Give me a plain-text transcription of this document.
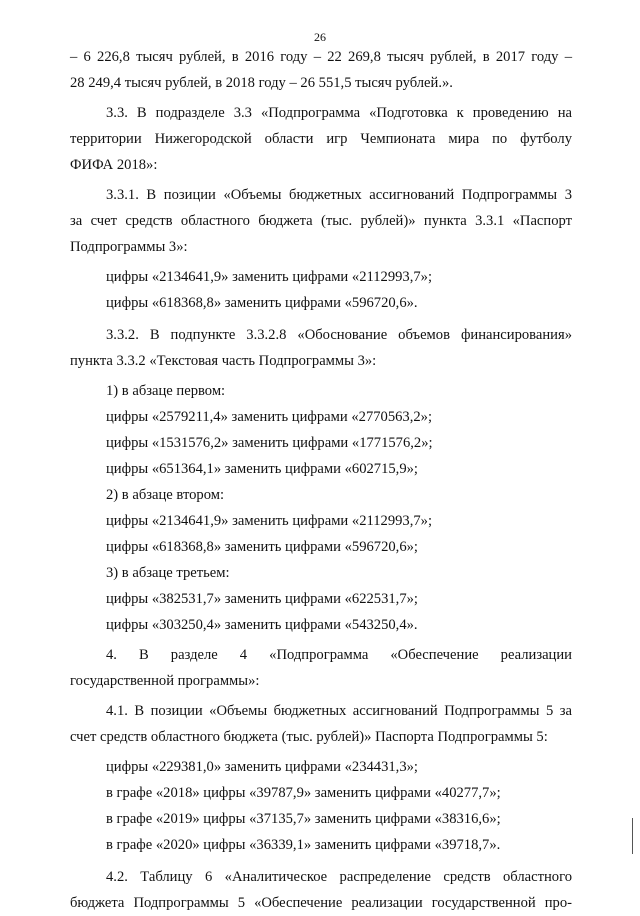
26
– 6 226,8 тысяч рублей, в 2016 году – 22 269,8 тысяч рублей, в 2017 году –
28 249,4 тысяч рублей, в 2018 году – 26 551,5 тысяч рублей.».
3.3. В подразделе 3.3 «Подпрограмма «Подготовка к проведению на
территории Нижегородской области игр Чемпионата мира по футболу
ФИФА 2018»:
3.3.1. В позиции «Объемы бюджетных ассигнований Подпрограммы 3
за счет средств областного бюджета (тыс. рублей)» пункта 3.3.1 «Паспорт
Подпрограммы 3»:
цифры «2134641,9» заменить цифрами «2112993,7»;
цифры «618368,8» заменить цифрами «596720,6».
3.3.2. В подпункте 3.3.2.8 «Обоснование объемов финансирования»
пункта 3.3.2 «Текстовая часть Подпрограммы 3»:
1) в абзаце первом:
цифры «2579211,4» заменить цифрами «2770563,2»;
цифры «1531576,2» заменить цифрами «1771576,2»;
цифры «651364,1» заменить цифрами «602715,9»;
2) в абзаце втором:
цифры «2134641,9» заменить цифрами «2112993,7»;
цифры «618368,8» заменить цифрами «596720,6»;
3) в абзаце третьем:
цифры «382531,7» заменить цифрами «622531,7»;
цифры «303250,4» заменить цифрами «543250,4».
4. В разделе 4 «Подпрограмма «Обеспечение реализации
государственной программы»:
4.1. В позиции «Объемы бюджетных ассигнований Подпрограммы 5 за
счет средств областного бюджета (тыс. рублей)» Паспорта Подпрограммы 5:
цифры «229381,0» заменить цифрами «234431,3»;
в графе «2018» цифры «39787,9» заменить цифрами «40277,7»;
в графе «2019» цифры «37135,7» заменить цифрами «38316,6»;
в графе «2020» цифры «36339,1» заменить цифрами «39718,7».
4.2. Таблицу 6 «Аналитическое распределение средств областного
бюджета Подпрограммы 5 «Обеспечение реализации государственной про-
